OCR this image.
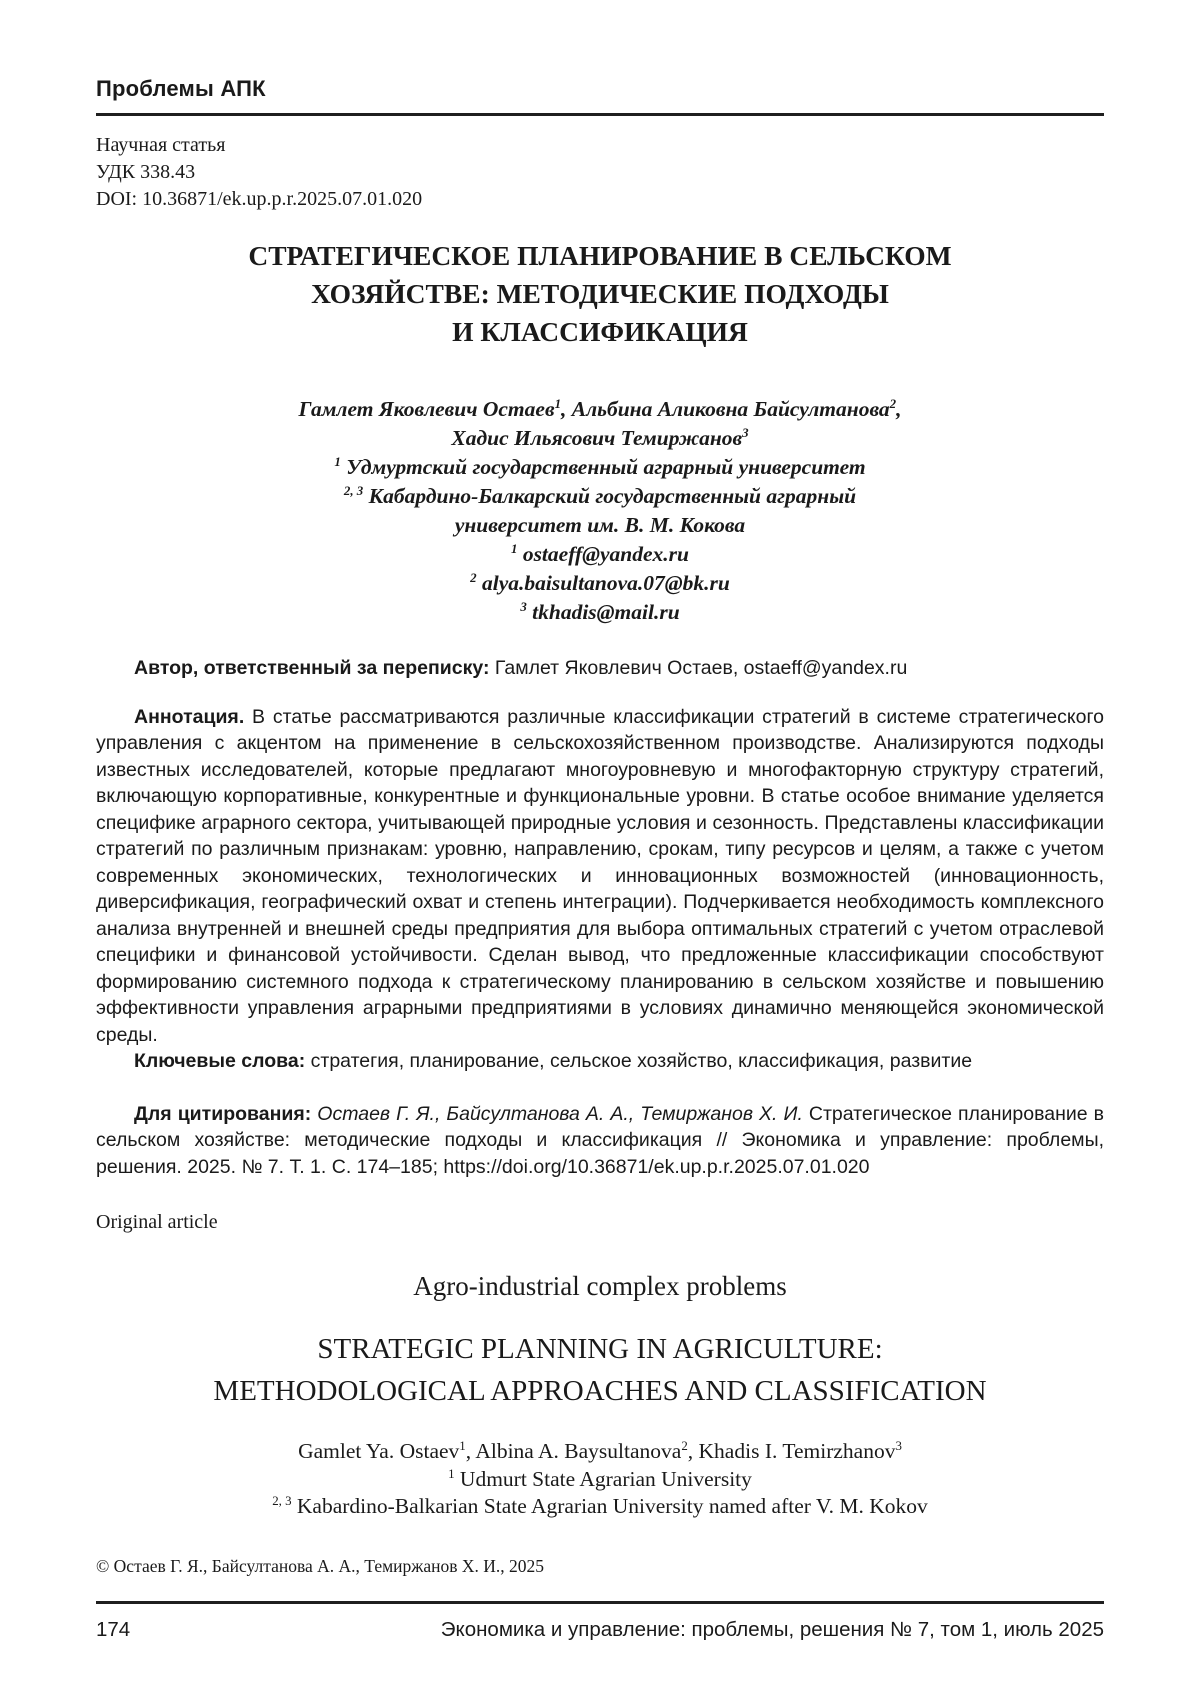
Проблемы АПК
Научная статья
УДК 338.43
DOI: 10.36871/ek.up.p.r.2025.07.01.020
СТРАТЕГИЧЕСКОЕ ПЛАНИРОВАНИЕ В СЕЛЬСКОМ
ХОЗЯЙСТВЕ: МЕТОДИЧЕСКИЕ ПОДХОДЫ
И КЛАССИФИКАЦИЯ
Гамлет Яковлевич Остаев$^1$, Альбина Аликовна Байсултанова$^2$,
Хадис Ильясович Темиржанов$^3$
$^1$ Удмуртский государственный аграрный университет
$^{2, 3}$ Кабардино-Балкарский государственный аграрный
университет им. В. М. Кокова
$^1$ ostaeff@yandex.ru
$^2$ alya.baisultanova.07@bk.ru
$^3$ tkhadis@mail.ru
Автор, ответственный за переписку: Гамлет Яковлевич Остаев, ostaeff@yandex.ru

Аннотация. В статье рассматриваются различные классификации стратегий в системе стратегического управления с акцентом на применение в сельскохозяйственном производстве. Анализируются подходы известных исследователей, которые предлагают многоуровневую и многофакторную структуру стратегий, включающую корпоративные, конкурентные и функциональные уровни. В статье особое внимание уделяется специфике аграрного сектора, учитывающей природные условия и сезонность. Представлены классификации стратегий по различным признакам: уровню, направлению, срокам, типу ресурсов и целям, а также с учетом современных экономических, технологических и инновационных возможностей (инновационность, диверсификация, географический охват и степень интеграции). Подчеркивается необходимость комплексного анализа внутренней и внешней среды предприятия для выбора оптимальных стратегий с учетом отраслевой специфики и финансовой устойчивости. Сделан вывод, что предложенные классификации способствуют формированию системного подхода к стратегическому планированию в сельском хозяйстве и повышению эффективности управления аграрными предприятиями в условиях динамично меняющейся экономической среды.

Ключевые слова: стратегия, планирование, сельское хозяйство, классификация, развитие

Для цитирования: Остаев Г. Я., Байсултанова А. А., Темиржанов Х. И. Стратегическое планирование в сельском хозяйстве: методические подходы и классификация // Экономика и управление: проблемы, решения. 2025. № 7. Т. 1. С. 174–185; https://doi.org/10.36871/ek.up.p.r.2025.07.01.020
Original article
Agro-industrial complex problems
STRATEGIC PLANNING IN AGRICULTURE:
METHODOLOGICAL APPROACHES AND CLASSIFICATION
Gamlet Ya. Ostaev$^1$, Albina A. Baysultanova$^2$, Khadis I. Temirzhanov$^3$
$^1$ Udmurt State Agrarian University
$^{2, 3}$ Kabardino-Balkarian State Agrarian University named after V. M. Kokov
© Остаев Г. Я., Байсултанова А. А., Темиржанов Х. И., 2025
174	Экономика и управление: проблемы, решения № 7, том 1, июль 2025
